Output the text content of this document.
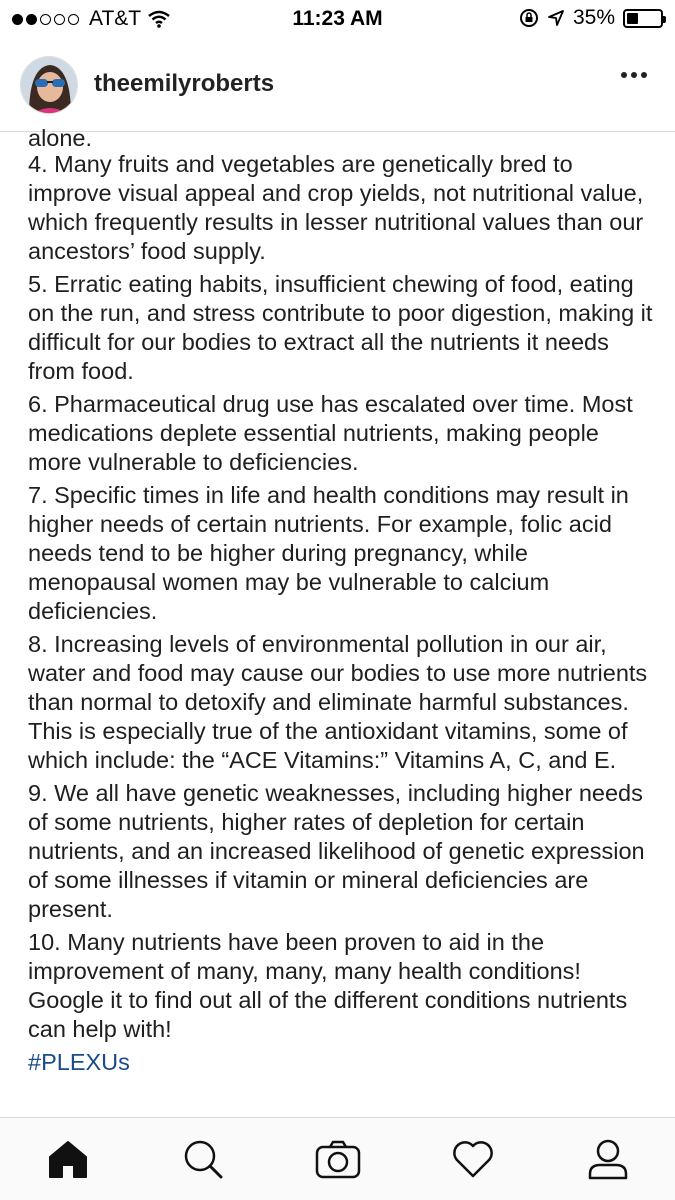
AT&T	11:23 AM	35%
theemilyroberts
alone.

4. Many fruits and vegetables are genetically bred to improve visual appeal and crop yields, not nutritional value, which frequently results in lesser nutritional values than our ancestors’ food supply.

5. Erratic eating habits, insufficient chewing of food, eating on the run, and stress contribute to poor digestion, making it difficult for our bodies to extract all the nutrients it needs from food.

6. Pharmaceutical drug use has escalated over time. Most medications deplete essential nutrients, making people more vulnerable to deficiencies.

7. Specific times in life and health conditions may result in higher needs of certain nutrients. For example, folic acid needs tend to be higher during pregnancy, while menopausal women may be vulnerable to calcium deficiencies.

8. Increasing levels of environmental pollution in our air, water and food may cause our bodies to use more nutrients than normal to detoxify and eliminate harmful substances. This is especially true of the antioxidant vitamins, some of which include: the “ACE Vitamins:” Vitamins A, C, and E.

9. We all have genetic weaknesses, including higher needs of some nutrients, higher rates of depletion for certain nutrients, and an increased likelihood of genetic expression of some illnesses if vitamin or mineral deficiencies are present.

10. Many nutrients have been proven to aid in the improvement of many, many, many health conditions! Google it to find out all of the different conditions nutrients can help with!

#PLEXUs
